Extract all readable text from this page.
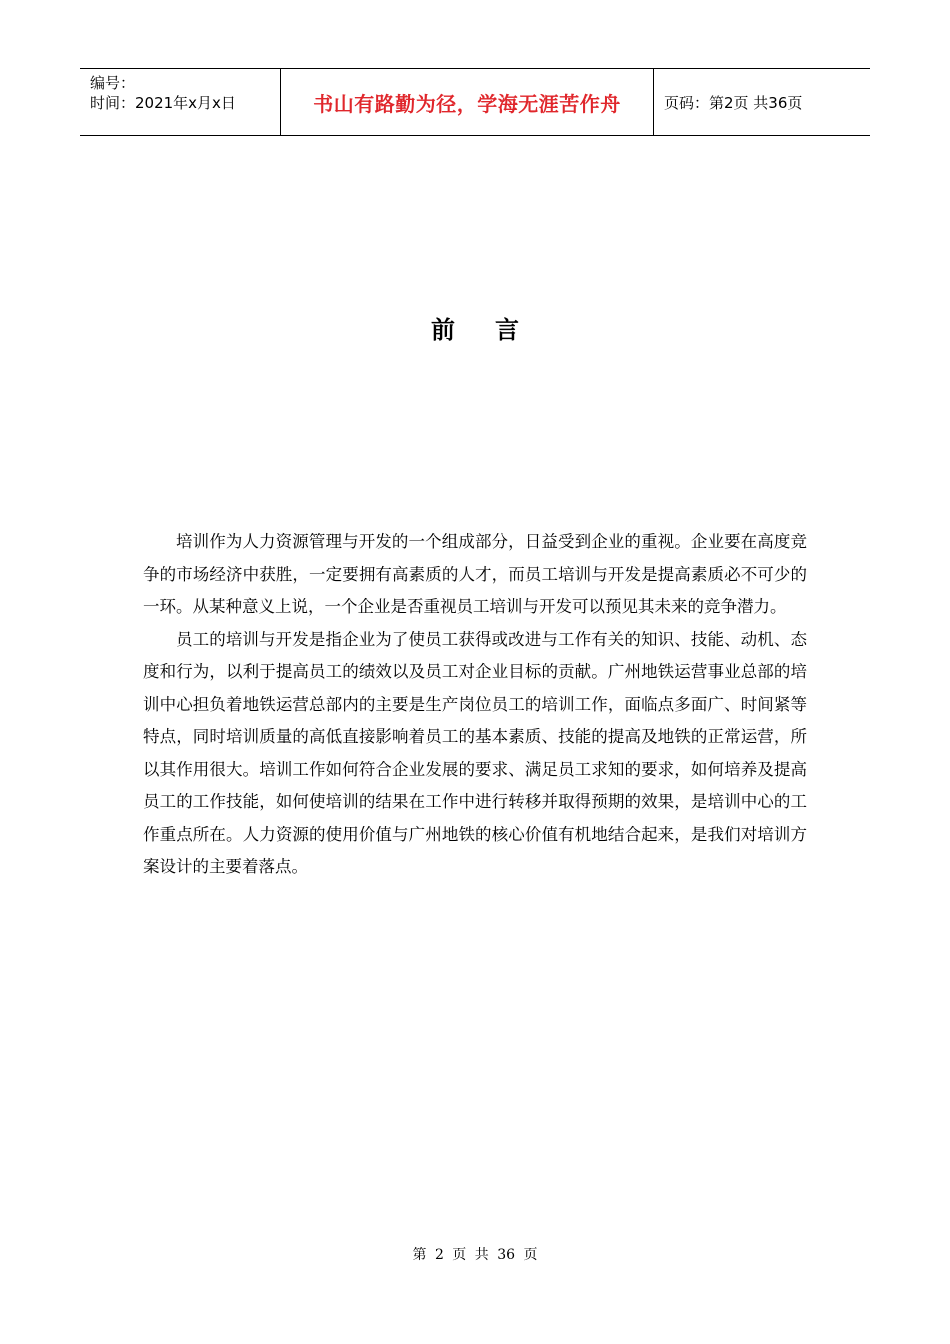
编号：
时间：2021年x月x日	书山有路勤为径，学海无涯苦作舟	页码：第2页 共36页
前言

培训作为人力资源管理与开发的一个组成部分，日益受到企业的重视。企业要在高度竞争的市场经济中获胜，一定要拥有高素质的人才，而员工培训与开发是提高素质必不可少的一环。从某种意义上说，一个企业是否重视员工培训与开发可以预见其未来的竞争潜力。

员工的培训与开发是指企业为了使员工获得或改进与工作有关的知识、技能、动机、态度和行为，以利于提高员工的绩效以及员工对企业目标的贡献。广州地铁运营事业总部的培训中心担负着地铁运营总部内的主要是生产岗位员工的培训工作，面临点多面广、时间紧等特点，同时培训质量的高低直接影响着员工的基本素质、技能的提高及地铁的正常运营，所以其作用很大。培训工作如何符合企业发展的要求、满足员工求知的要求，如何培养及提高员工的工作技能，如何使培训的结果在工作中进行转移并取得预期的效果，是培训中心的工作重点所在。人力资源的使用价值与广州地铁的核心价值有机地结合起来，是我们对培训方案设计的主要着落点。

第 2 页 共 36 页
